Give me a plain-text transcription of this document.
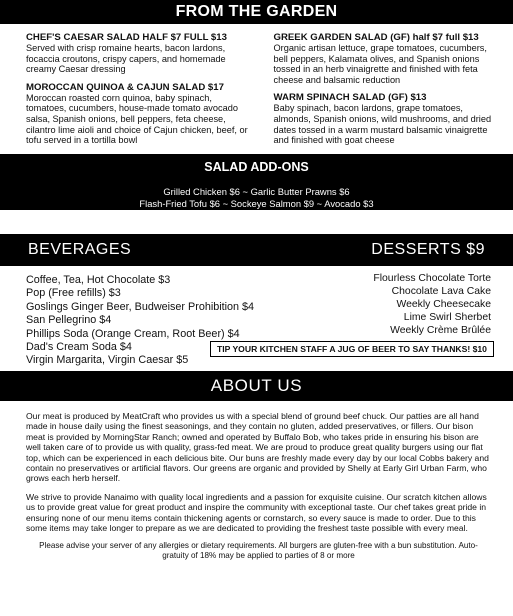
FROM THE GARDEN
CHEF'S CAESAR SALAD HALF $7 FULL $13
Served with crisp romaine hearts, bacon lardons, focaccia croutons, crispy capers, and homemade creamy Caesar dressing
MOROCCAN QUINOA & CAJUN SALAD $17
Moroccan roasted corn quinoa, baby spinach, tomatoes, cucumbers, house-made tomato avocado salsa, Spanish onions, bell peppers, feta cheese, cilantro lime aioli and choice of Cajun chicken, beef, or tofu served in a tortilla bowl
GREEK GARDEN SALAD (GF) half $7 full $13
Organic artisan lettuce, grape tomatoes, cucumbers, bell peppers, Kalamata olives, and Spanish onions tossed in an herb vinaigrette and finished with feta cheese and balsamic reduction
WARM SPINACH SALAD (GF) $13
Baby spinach, bacon lardons, grape tomatoes, almonds, Spanish onions, wild mushrooms, and dried dates tossed in a warm mustard balsamic vinaigrette and finished with goat cheese
SALAD ADD-ONS
Grilled Chicken $6 ~ Garlic Butter Prawns $6
Flash-Fried Tofu $6 ~ Sockeye Salmon $9 ~ Avocado $3
BEVERAGES	DESSERTS $9
Coffee, Tea, Hot Chocolate $3
Pop (Free refills) $3
Goslings Ginger Beer, Budweiser Prohibition $4
San Pellegrino $4
Phillips Soda (Orange Cream, Root Beer) $4
Dad's Cream Soda $4
Virgin Margarita, Virgin Caesar $5
Flourless Chocolate Torte
Chocolate Lava Cake
Weekly Cheesecake
Lime Swirl Sherbet
Weekly Crème Brûlée
TIP YOUR KITCHEN STAFF A JUG OF BEER TO SAY THANKS! $10
ABOUT US

Our meat is produced by MeatCraft who provides us with a special blend of ground beef chuck. Our patties are all hand made in house daily using the finest seasonings, and they contain no gluten, added preservatives, or fillers. Our bison meat is provided by MorningStar Ranch; owned and operated by Buffalo Bob, who takes pride in ensuring his bison are well taken care of to provide us with quality, grass-fed meat. We are proud to produce great quality burgers using our flat top, which can be experienced in each delicious bite. Our buns are freshly made every day by our local Cobbs bakery and contain no preservatives or artificial flavors. Our greens are organic and provided by Shelly at Early Girl Urban Farm, who grows each herb herself.

We strive to provide Nanaimo with quality local ingredients and a passion for exquisite cuisine. Our scratch kitchen allows us to provide great value for great product and inspire the community with exceptional taste. Our chef takes great pride in ensuring none of our menu items contain thickening agents or cornstarch, so every sauce is made to order. Due to this some items may take longer to prepare as we are dedicated to providing the freshest taste possible with every meal.

Please advise your server of any allergies or dietary requirements. All burgers are gluten-free with a bun substitution. Auto-gratuity of 18% may be applied to parties of 8 or more
